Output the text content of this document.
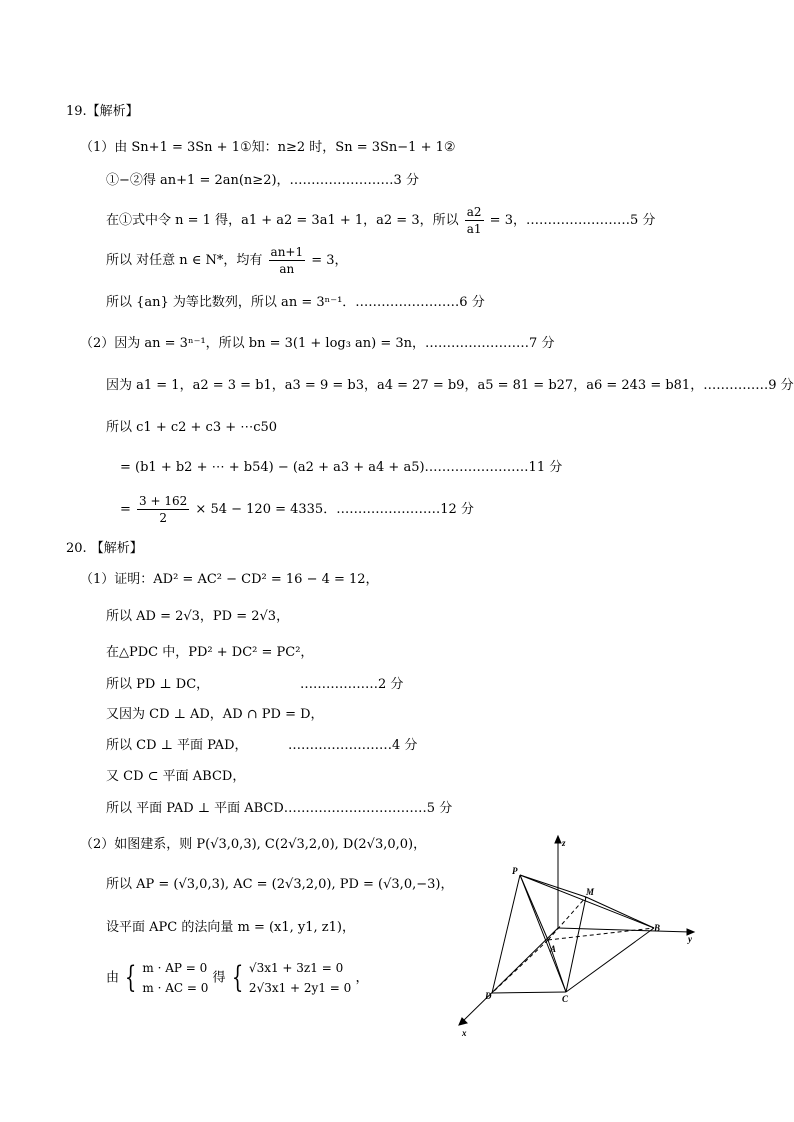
19.【解析】
（1）由 Sn+1 = 3Sn + 1①知：n≥2 时，Sn = 3Sn−1 + 1②
①−②得 an+1 = 2an(n≥2)，……………………3 分
在①式中令 n = 1 得，a1 + a2 = 3a1 + 1，a2 = 3，所以 $\frac{a2}{a1} = 3$，……………………5 分
所以 对任意 n ∈ N*，均有 $\frac{an+1}{an} = 3$，
所以 {an} 为等比数列，所以 an = 3ⁿ⁻¹．……………………6 分
（2）因为 an = 3ⁿ⁻¹，所以 bn = 3(1 + log₃ an) = 3n，……………………7 分
因为 a1 = 1，a2 = 3 = b1，a3 = 9 = b3，a4 = 27 = b9，a5 = 81 = b27，a6 = 243 = b81，……………9 分
所以 c1 + c2 + c3 + ⋯c50
= (b1 + b2 + ⋯ + b54) − (a2 + a3 + a4 + a5)……………………11 分
= $\frac{3 + 162}{2} \times 54 - 120 = 4335$．……………………12 分
20. 【解析】
（1）证明：AD² = AC² − CD² = 16 − 4 = 12，
所以 AD = 2√3，PD = 2√3，
在△PDC 中，PD² + DC² = PC²，
所以 PD ⊥ DC，	………………2 分
又因为 CD ⊥ AD，AD ∩ PD = D，
所以 CD ⊥ 平面 PAD，	……………………4 分
又 CD ⊂ 平面 ABCD，
所以 平面 PAD ⊥ 平面 ABCD……………………………5 分
（2）如图建系，则 P(√3,0,3), C(2√3,2,0), D(2√3,0,0)，
所以 AP = (√3,0,3), AC = (2√3,2,0), PD = (√3,0,−3)，
设平面 APC 的法向量 m = (x1, y1, z1)，
由 { m · AP = 0
m · AC = 0
得 { √3x1 + 3z1 = 0
2√3x1 + 2y1 = 0
，
z
y
x
P
M
A
B
C
D
